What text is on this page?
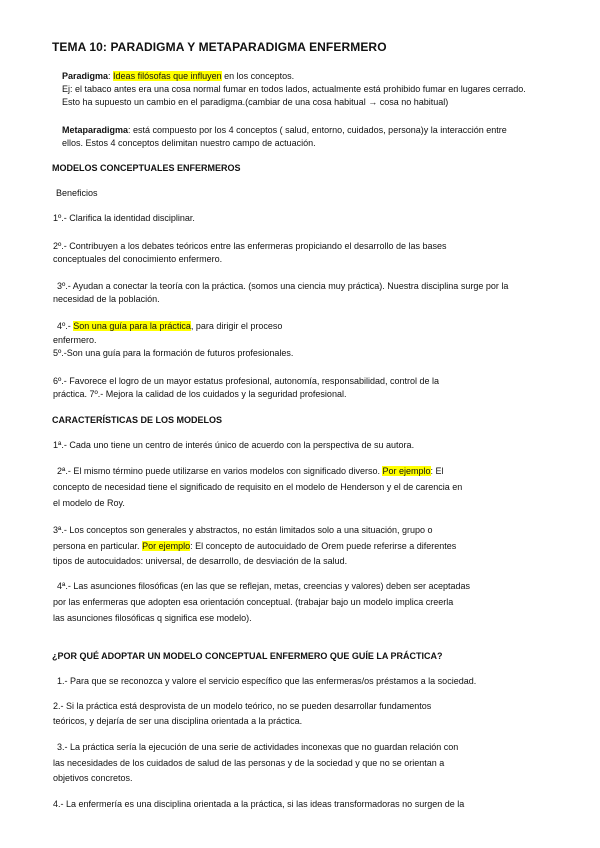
TEMA 10: PARADIGMA Y METAPARADIGMA ENFERMERO
Paradigma: Ideas filósofas que influyen en los conceptos.
Ej: el tabaco antes era una cosa normal fumar en todos lados, actualmente está prohibido fumar en lugares cerrado.
Esto ha supuesto un cambio en el paradigma.(cambiar de una cosa habitual → cosa no habitual)
Metaparadigma: está compuesto por los 4 conceptos ( salud, entorno, cuidados, persona)y la interacción entre
ellos. Estos 4 conceptos delimitan nuestro campo de actuación.
MODELOS CONCEPTUALES ENFERMEROS
Beneficios
1º.- Clarifica la identidad disciplinar.
2º.- Contribuyen a los debates teóricos entre las enfermeras propiciando el desarrollo de las bases
conceptuales del conocimiento enfermero.
3º.- Ayudan a conectar la teoría con la práctica. (somos una ciencia muy práctica). Nuestra disciplina surge por la
necesidad de la población.
4º.- Son una guía para la práctica, para dirigir el proceso
enfermero.
5º.-Son una guía para la formación de futuros profesionales.
6º.- Favorece el logro de un mayor estatus profesional, autonomía, responsabilidad, control de la
práctica. 7º.- Mejora la calidad de los cuidados y la seguridad profesional.
CARACTERÍSTICAS DE LOS MODELOS
1ª.- Cada uno tiene un centro de interés único de acuerdo con la perspectiva de su autora.
2ª.- El mismo término puede utilizarse en varios modelos con significado diverso. Por ejemplo: El
concepto de necesidad tiene el significado de requisito en el modelo de Henderson y el de carencia en
el modelo de Roy.
3ª.- Los conceptos son generales y abstractos, no están limitados solo a una situación, grupo o
persona en particular. Por ejemplo: El concepto de autocuidado de Orem puede referirse a diferentes
tipos de autocuidados: universal, de desarrollo, de desviación de la salud.
4ª.- Las asunciones filosóficas (en las que se reflejan, metas, creencias y valores) deben ser aceptadas
por las enfermeras que adopten esa orientación conceptual. (trabajar bajo un modelo implica creerla
las asunciones filosóficas q significa ese modelo).
¿POR QUÉ ADOPTAR UN MODELO CONCEPTUAL ENFERMERO QUE GUÍE LA PRÁCTICA?
1.- Para que se reconozca y valore el servicio específico que las enfermeras/os préstamos a la sociedad.
2.- Si la práctica está desprovista de un modelo teórico, no se pueden desarrollar fundamentos
teóricos, y dejaría de ser una disciplina orientada a la práctica.
3.- La práctica sería la ejecución de una serie de actividades inconexas que no guardan relación con
las necesidades de los cuidados de salud de las personas y de la sociedad y que no se orientan a
objetivos concretos.
4.- La enfermería es una disciplina orientada a la práctica, si las ideas transformadoras no surgen de la
